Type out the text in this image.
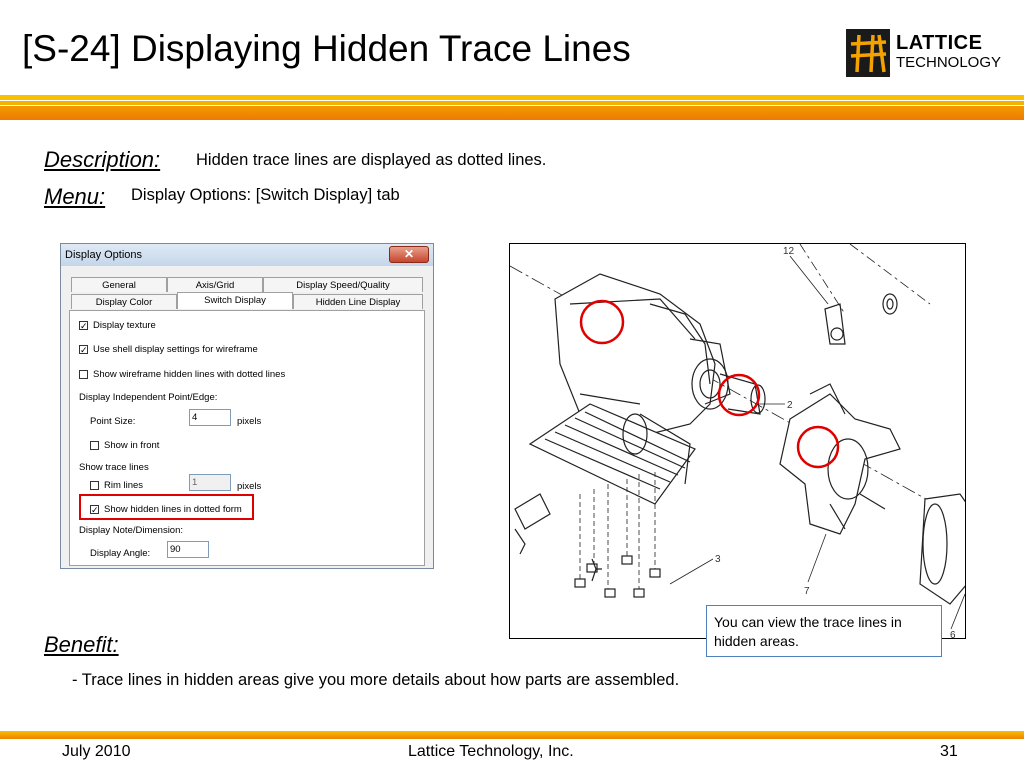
[S-24] Displaying Hidden Trace Lines	LATTICE
TECHNOLOGY
Description: Hidden trace lines are displayed as dotted lines.
Menu: Display Options: [Switch Display] tab
Display Options	✕
General	Axis/Grid	Display Speed/Quality
Display Color	Switch Display	Hidden Line Display
✓ Display texture
✓ Use shell display settings for wireframe
Show wireframe hidden lines with dotted lines
Display Independent Point/Edge:
Point Size:	4	pixels
Show in front
Show trace lines
Rim lines	1	pixels
✓ Show hidden lines in dotted form
Display Note/Dimension:
Display Angle:	90
12
2
3
7
6
You can view the trace lines in hidden areas.
Benefit:
- Trace lines in hidden areas give you more details about how parts are assembled.
July 2010	Lattice Technology, Inc.	31
